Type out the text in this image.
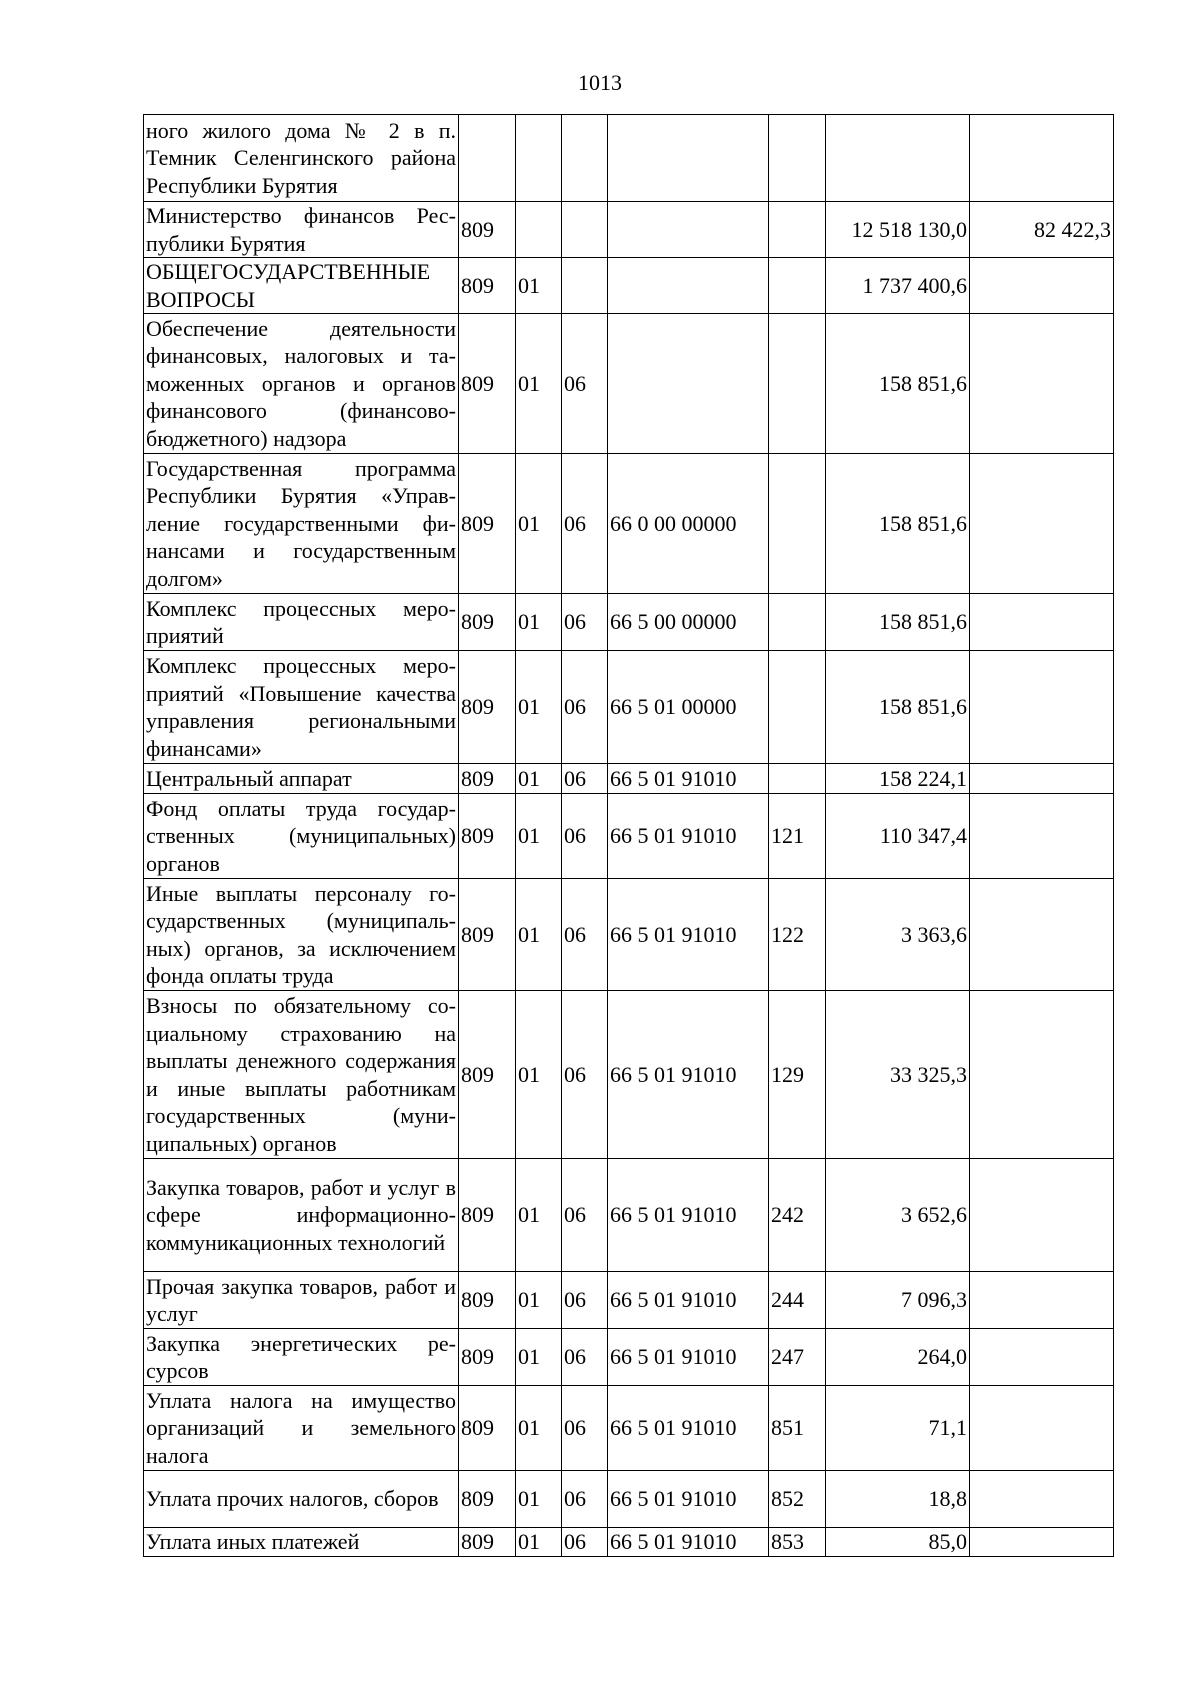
1013
ного жилого дома № 2 в п. Темник Селенгинского района Республики Бурятия							
Министерство финансов Республики Бурятия	809					12 518 130,0	82 422,3
ОБЩЕГОСУДАРСТВЕННЫЕ ВОПРОСЫ	809	01				1 737 400,6	
Обеспечение деятельности финансовых, налоговых и таможенных органов и органов финансового (финансово-бюджетного) надзора	809	01	06			158 851,6	
Государственная программа Республики Бурятия «Управление государственными финансами и государственным долгом»	809	01	06	66 0 00 00000		158 851,6	
Комплекс процессных мероприятий	809	01	06	66 5 00 00000		158 851,6	
Комплекс процессных мероприятий «Повышение качества управления региональными финансами»	809	01	06	66 5 01 00000		158 851,6	
Центральный аппарат	809	01	06	66 5 01 91010		158 224,1	
Фонд оплаты труда государственных (муниципальных) органов	809	01	06	66 5 01 91010	121	110 347,4	
Иные выплаты персоналу государственных (муниципальных) органов, за исключением фонда оплаты труда	809	01	06	66 5 01 91010	122	3 363,6	
Взносы по обязательному социальному страхованию на выплаты денежного содержания и иные выплаты работникам государственных (муниципальных) органов	809	01	06	66 5 01 91010	129	33 325,3	
Закупка товаров, работ и услуг в сфере информационно-коммуникационных технологий	809	01	06	66 5 01 91010	242	3 652,6	
Прочая закупка товаров, работ и услуг	809	01	06	66 5 01 91010	244	7 096,3	
Закупка энергетических ресурсов	809	01	06	66 5 01 91010	247	264,0	
Уплата налога на имущество организаций и земельного налога	809	01	06	66 5 01 91010	851	71,1	
Уплата прочих налогов, сборов	809	01	06	66 5 01 91010	852	18,8	
Уплата иных платежей	809	01	06	66 5 01 91010	853	85,0	
